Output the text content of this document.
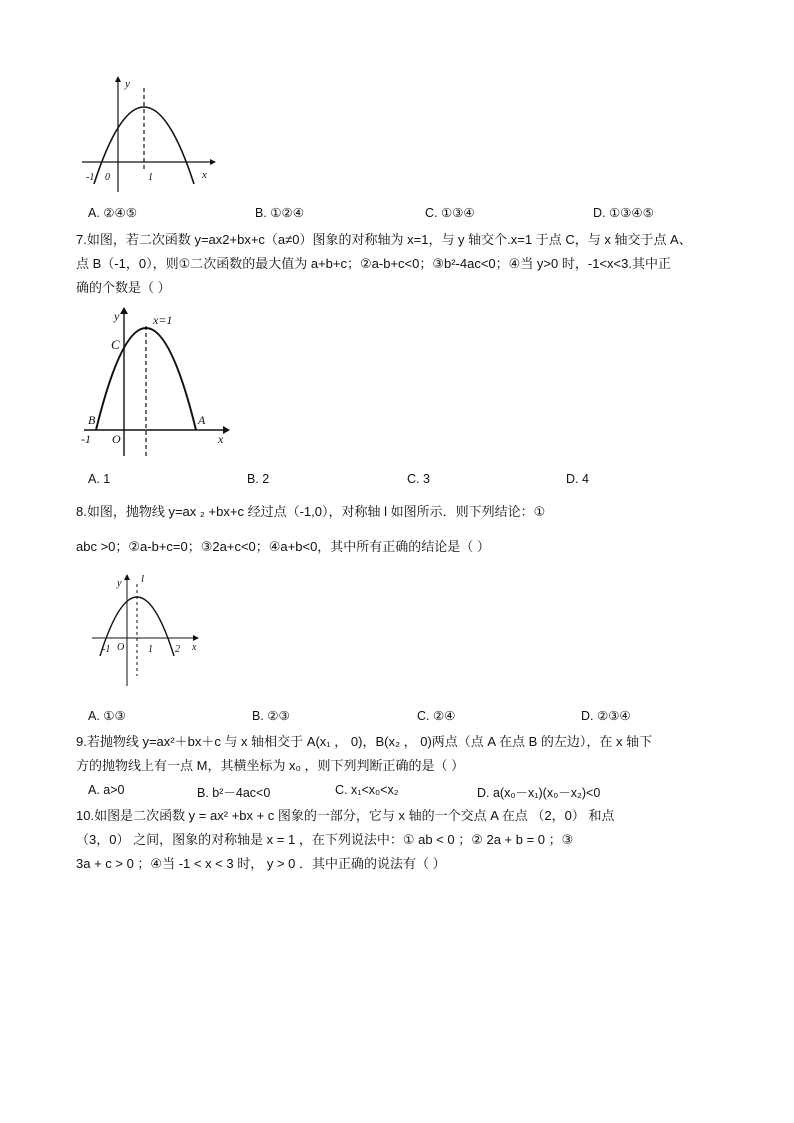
y
x
-1 0	1
A. ②④⑤	B. ①②④	C. ①③④	D. ①③④⑤
7.如图，若二次函数 y=ax2+bx+c（a≠0）图象的对称轴为 x=1，与 y 轴交个.x=1 于点 C，与 x 轴交于点 A、
点 B（-1，0），则①二次函数的最大值为 a+b+c；②a-b+c<0；③b²-4ac<0；④当 y>0 时，-1<x<3.其中正
确的个数是（ ）
y	x=1
C
B	A
O
-1	x
A. 1	B. 2	C. 3	D. 4
8.如图，抛物线 y=ax ₂ +bx+c 经过点（-1,0），对称轴 l 如图所示．则下列结论：①
abc >0；②a-b+c=0；③2a+c<0；④a+b<0，其中所有正确的结论是（ ）
y l
-1 O 1 2 x
A. ①③	B. ②③	C. ②④	D. ②③④
9.若抛物线 y=ax²＋bx＋c 与 x 轴相交于 A(x₁ ， 0)，B(x₂ ， 0)两点（点 A 在点 B 的左边），在 x 轴下
方的抛物线上有一点 M，其横坐标为 x₀ ，则下列判断正确的是（ ）
A. a>0	B. b²－4ac<0	C. x₁<x₀<x₂	D. a(x₀－x₁)(x₀－x₂)<0
10.如图是二次函数 y = ax² +bx + c 图象的一部分，它与 x 轴的一个交点 A 在点 （2，0） 和点
（3，0） 之间，图象的对称轴是 x = 1 ，在下列说法中：① ab < 0 ；② 2a + b = 0 ；③
3a + c > 0 ；④当 -1 < x < 3 时， y > 0 ．其中正确的说法有（ ）
